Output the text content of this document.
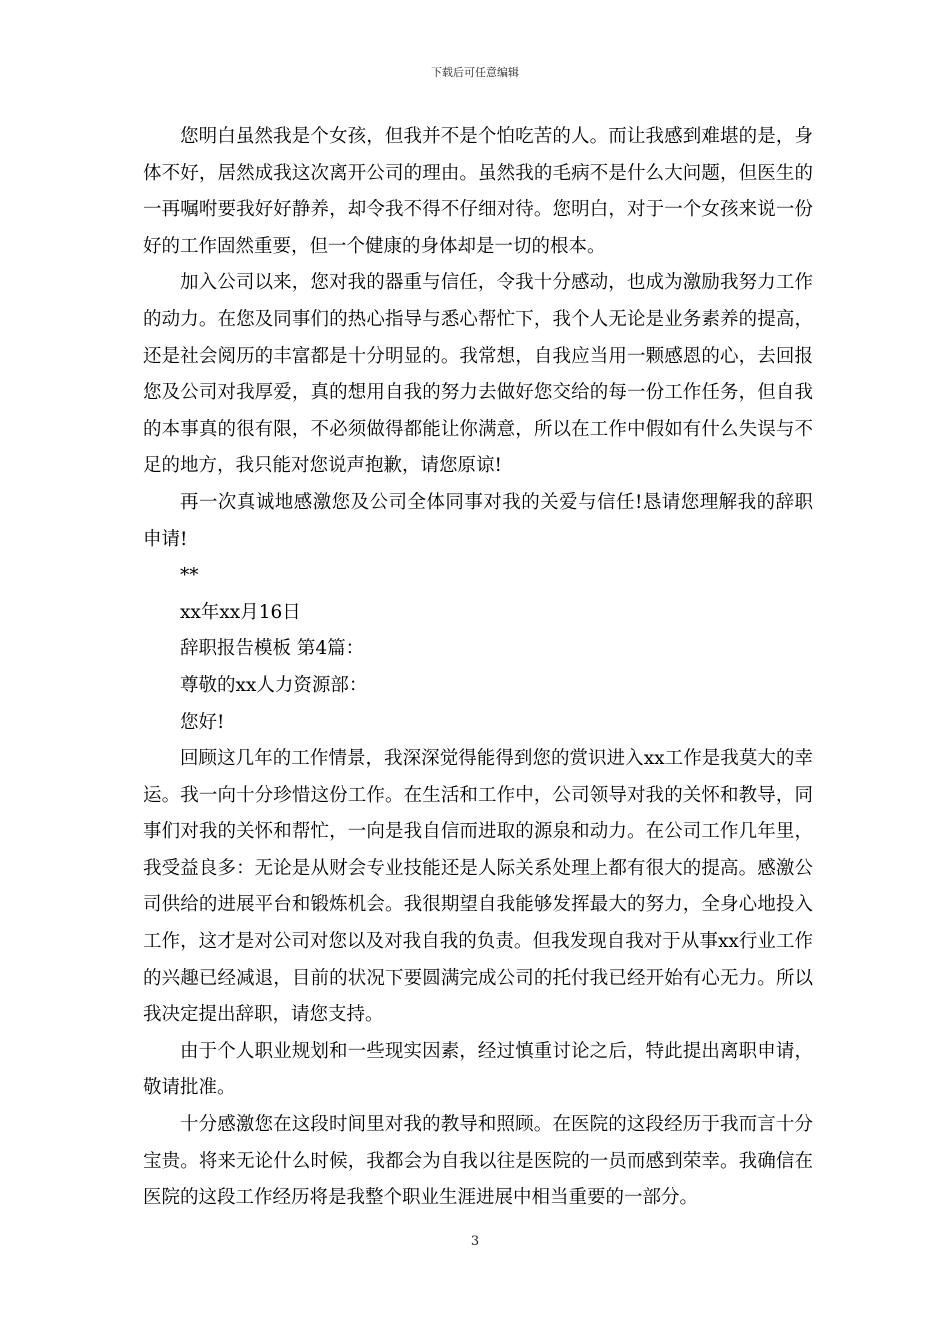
下载后可任意编辑

您明白虽然我是个女孩，但我并不是个怕吃苦的人。而让我感到难堪的是，身体不好，居然成我这次离开公司的理由。虽然我的毛病不是什么大问题，但医生的一再嘱咐要我好好静养，却令我不得不仔细对待。您明白，对于一个女孩来说一份好的工作固然重要，但一个健康的身体却是一切的根本。

加入公司以来，您对我的器重与信任，令我十分感动，也成为激励我努力工作的动力。在您及同事们的热心指导与悉心帮忙下，我个人无论是业务素养的提高，还是社会阅历的丰富都是十分明显的。我常想，自我应当用一颗感恩的心，去回报您及公司对我厚爱，真的想用自我的努力去做好您交给的每一份工作任务，但自我的本事真的很有限，不必须做得都能让你满意，所以在工作中假如有什么失误与不足的地方，我只能对您说声抱歉，请您原谅!

再一次真诚地感激您及公司全体同事对我的关爱与信任!恳请您理解我的辞职申请!

**

xx年xx月16日

辞职报告模板 第4篇：

尊敬的xx人力资源部：

您好!

回顾这几年的工作情景，我深深觉得能得到您的赏识进入xx工作是我莫大的幸运。我一向十分珍惜这份工作。在生活和工作中，公司领导对我的关怀和教导，同事们对我的关怀和帮忙，一向是我自信而进取的源泉和动力。在公司工作几年里，我受益良多：无论是从财会专业技能还是人际关系处理上都有很大的提高。感激公司供给的进展平台和锻炼机会。我很期望自我能够发挥最大的努力，全身心地投入工作，这才是对公司对您以及对我自我的负责。但我发现自我对于从事xx行业工作的兴趣已经减退，目前的状况下要圆满完成公司的托付我已经开始有心无力。所以我决定提出辞职，请您支持。

由于个人职业规划和一些现实因素，经过慎重讨论之后，特此提出离职申请，敬请批准。

十分感激您在这段时间里对我的教导和照顾。在医院的这段经历于我而言十分宝贵。将来无论什么时候，我都会为自我以往是医院的一员而感到荣幸。我确信在医院的这段工作经历将是我整个职业生涯进展中相当重要的一部分。

3
